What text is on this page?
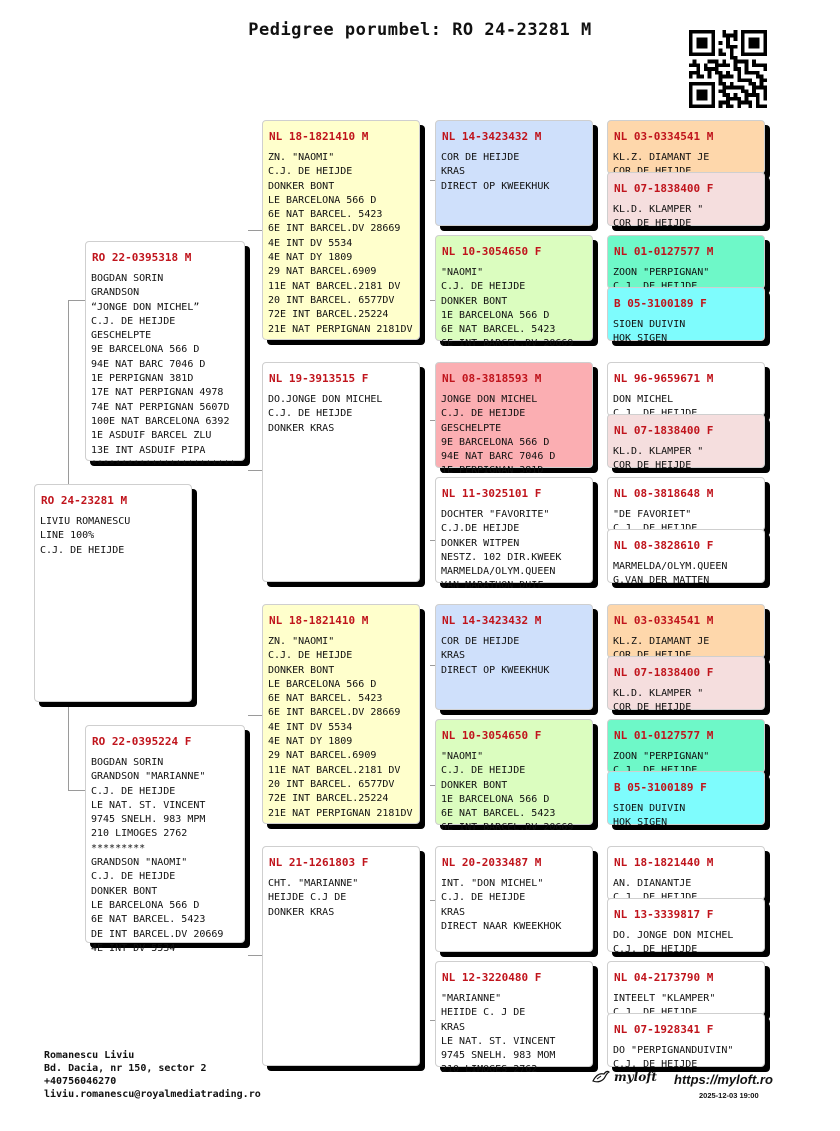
Pedigree porumbel: RO 24-23281 M
RO 24-23281 M
LIVIU ROMANESCU
LINE 100%
C.J. DE HEIJDE
RO 22-0395318 M
BOGDAN SORIN
GRANDSON
“JONGE DON MICHEL”
C.J. DE HEIJDE
GESCHELPTE
9E BARCELONA 566 D
94E NAT BARC 7046 D
1E PERPIGNAN 381D
17E NAT PERPIGNAN 4978
74E NAT PERPIGNAN 5607D
100E NAT BARCELONA 6392
1E ASDUIF BARCEL ZLU
13E INT ASDUIF PIPA
************************
RO 22-0395224 F
BOGDAN SORIN
GRANDSON "MARIANNE"
C.J. DE HEIJDE
LE NAT. ST. VINCENT
9745 SNELH. 983 MPM
210 LIMOGES 2762
*********
GRANDSON "NAOMI"
C.J. DE HEIJDE
DONKER BONT
LE BARCELONA 566 D
6E NAT BARCEL. 5423
DE INT BARCEL.DV 20669
4E INT DV 5534
NL 18-1821410 M
ZN. "NAOMI"
C.J. DE HEIJDE
DONKER BONT
LE BARCELONA 566 D
6E NAT BARCEL. 5423
6E INT BARCEL.DV 28669
4E INT DV 5534
4E NAT DY 1809
29 NAT BARCEL.6909
11E NAT BARCEL.2181 DV
20 INT BARCEL. 6577DV
72E INT BARCEL.25224
21E NAT PERPIGNAN 2181DV
NL 19-3913515 F
DO.JONGE DON MICHEL
C.J. DE HEIJDE
DONKER KRAS
NL 18-1821410 M
ZN. "NAOMI"
C.J. DE HEIJDE
DONKER BONT
LE BARCELONA 566 D
6E NAT BARCEL. 5423
6E INT BARCEL.DV 28669
4E INT DV 5534
4E NAT DY 1809
29 NAT BARCEL.6909
11E NAT BARCEL.2181 DV
20 INT BARCEL. 6577DV
72E INT BARCEL.25224
21E NAT PERPIGNAN 2181DV
NL 21-1261803 F
CHT. "MARIANNE"
HEIJDE C.J DE
DONKER KRAS
NL 14-3423432 M
COR DE HEIJDE
KRAS
DIRECT OP KWEEKHUK
NL 10-3054650 F
"NAOMI"
C.J. DE HEIJDE
DONKER BONT
1E BARCELONA 566 D
6E NAT BARCEL. 5423
6E INT BARCEL.DV 20669
NL 08-3818593 M
JONGE DON MICHEL
C.J. DE HEIJDE
GESCHELPTE
9E BARCELONA 566 D
94E NAT BARC 7046 D
1E PERPIGNAN 381D
NL 11-3025101 F
DOCHTER "FAVORITE"
C.J.DE HEIJDE
DONKER WITPEN
NESTZ. 102 DIR.KWEEK
MARMELDA/OLYM.QUEEN
VAN MARATHON DUIF
NL 14-3423432 M
COR DE HEIJDE
KRAS
DIRECT OP KWEEKHUK
NL 10-3054650 F
"NAOMI"
C.J. DE HEIJDE
DONKER BONT
1E BARCELONA 566 D
6E NAT BARCEL. 5423
6E INT BARCEL.DV 20669
NL 20-2033487 M
INT. "DON MICHEL"
C.J. DE HEIJDE
KRAS
DIRECT NAAR KWEEKHOK
NL 12-3220480 F
"MARIANNE"
HEIIDE C. J DE
KRAS
LE NAT. ST. VINCENT
9745 SNELH. 983 MOM
210 LIMOGES 2762
NL 03-0334541 M
KL.Z. DIAMANT JE

NL 07-1838400 F
KL.D. KLAMPER "
COR DE HEIJDE
NL 01-0127577 M
ZOON "PERPIGNAN"

B 05-3100189 F
SIOEN DUIVIN
HOK SIGEN
NL 96-9659671 M
DON MICHEL

NL 07-1838400 F
KL.D. KLAMPER "
COR DE HEIJDE
NL 08-3818648 M
"DE FAVORIET"

NL 08-3828610 F
MARMELDA/OLYM.QUEEN
G.VAN DER MATTEN
NL 03-0334541 M
KL.Z. DIAMANT JE

NL 07-1838400 F
KL.D. KLAMPER "
COR DE HEIJDE
NL 01-0127577 M
ZOON "PERPIGNAN"

B 05-3100189 F
SIOEN DUIVIN
HOK SIGEN
NL 18-1821440 M
AN. DIANANTJE

NL 13-3339817 F
DO. JONGE DON MICHEL
C.J. DE HEIJDE
NL 04-2173790 M
INTEELT "KLAMPER"

NL 07-1928341 F
DO "PERPIGNANDUIVIN"
C.J. DE HEIJDE
Romanescu Liviu
Bd. Dacia, nr 150, sector 2
+40756046270
liviu.romanescu@royalmediatrading.ro
myloft https://myloft.ro
2025-12-03 19:00
